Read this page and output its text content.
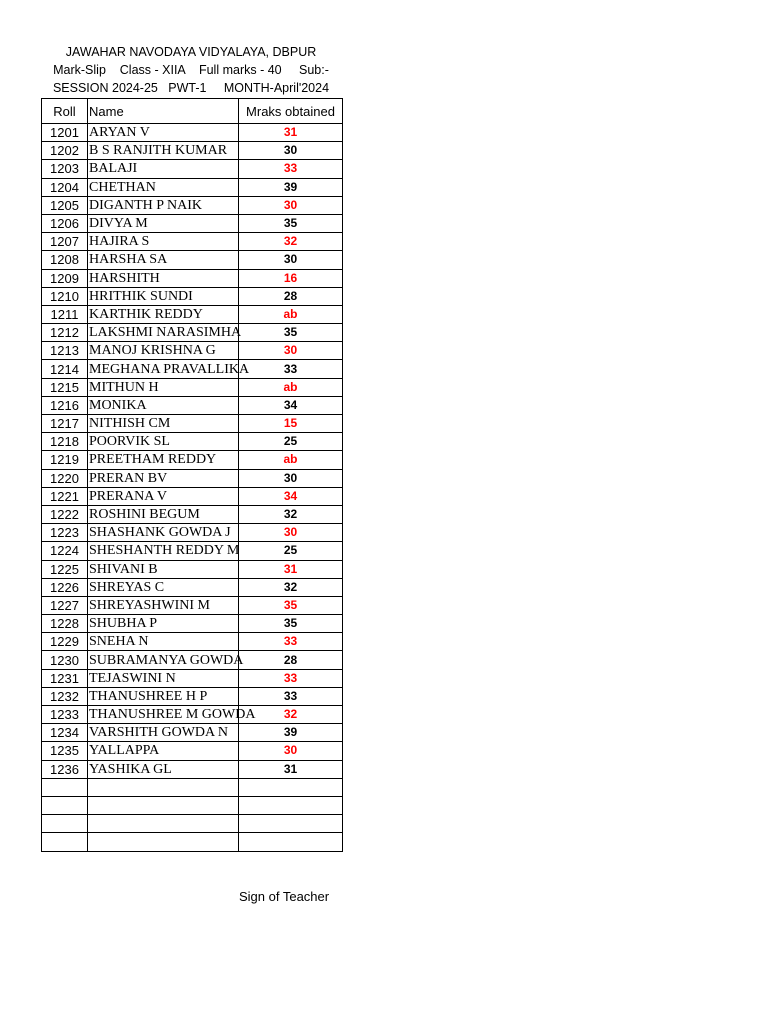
JAWAHAR NAVODAYA VIDYALAYA, DBPUR
Mark-Slip    Class - XIIA    Full marks - 40     Sub:-
SESSION 2024-25   PWT-1     MONTH-April'2024
Roll	Name	Mraks obtained
1201	ARYAN V	31
1202	B S RANJITH KUMAR	30
1203	BALAJI	33
1204	CHETHAN	39
1205	DIGANTH P NAIK	30
1206	DIVYA M	35
1207	HAJIRA S	32
1208	HARSHA SA	30
1209	HARSHITH	16
1210	HRITHIK SUNDI	28
1211	KARTHIK REDDY	ab
1212	LAKSHMI NARASIMHA	35
1213	MANOJ KRISHNA G	30
1214	MEGHANA PRAVALLIKA	33
1215	MITHUN H	ab
1216	MONIKA	34
1217	NITHISH CM	15
1218	POORVIK SL	25
1219	PREETHAM REDDY	ab
1220	PRERAN BV	30
1221	PRERANA V	34
1222	ROSHINI BEGUM	32
1223	SHASHANK GOWDA J	30
1224	SHESHANTH REDDY M	25
1225	SHIVANI B	31
1226	SHREYAS C	32
1227	SHREYASHWINI M	35
1228	SHUBHA P	35
1229	SNEHA N	33
1230	SUBRAMANYA GOWDA	28
1231	TEJASWINI N	33
1232	THANUSHREE H P	33
1233	THANUSHREE M GOWDA	32
1234	VARSHITH GOWDA N	39
1235	YALLAPPA	30
1236	YASHIKA GL	31

Sign of Teacher
